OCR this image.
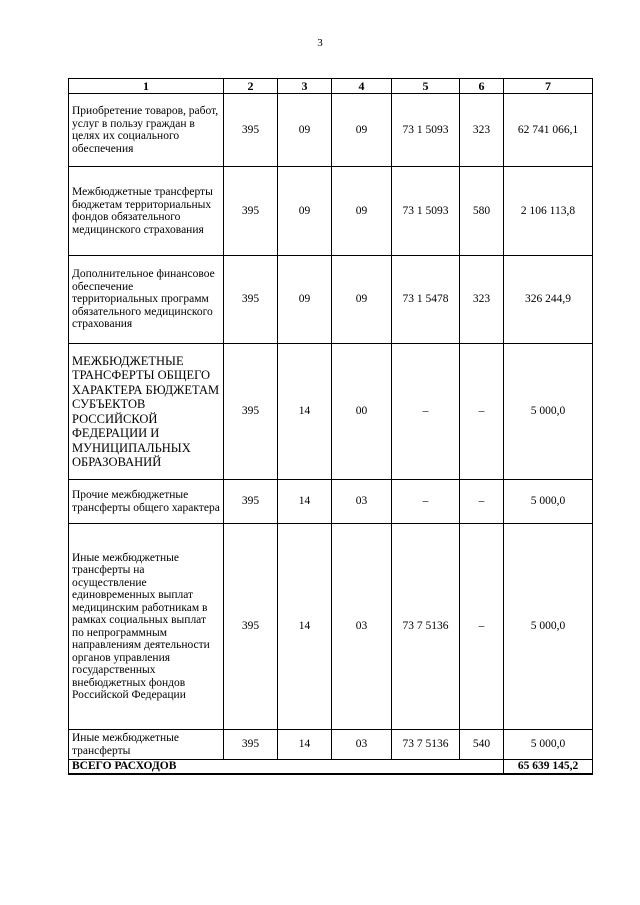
3
1	2	3	4	5	6	7
Приобретение товаров, работ, услуг в пользу граждан в целях их социального обеспечения	395	09	09	73 1 5093	323	62 741 066,1
Межбюджетные трансферты бюджетам территориальных фондов обязательного медицинского страхования	395	09	09	73 1 5093	580	2 106 113,8
Дополнительное финансовое обеспечение территориальных программ обязательного медицинского страхования	395	09	09	73 1 5478	323	326 244,9
МЕЖБЮДЖЕТНЫЕ ТРАНСФЕРТЫ ОБЩЕГО ХАРАКТЕРА БЮДЖЕТАМ СУБЪЕКТОВ РОССИЙСКОЙ ФЕДЕРАЦИИ И МУНИЦИПАЛЬНЫХ ОБРАЗОВАНИЙ	395	14	00	–	–	5 000,0
Прочие межбюджетные трансферты общего характера	395	14	03	–	–	5 000,0
Иные межбюджетные трансферты на осуществление единовременных выплат медицинским работникам в рамках социальных выплат по непрограммным направлениям деятельности органов управления государственных внебюджетных фондов Российской Федерации	395	14	03	73 7 5136	–	5 000,0
Иные межбюджетные трансферты	395	14	03	73 7 5136	540	5 000,0
ВСЕГО РАСХОДОВ						65 639 145,2
